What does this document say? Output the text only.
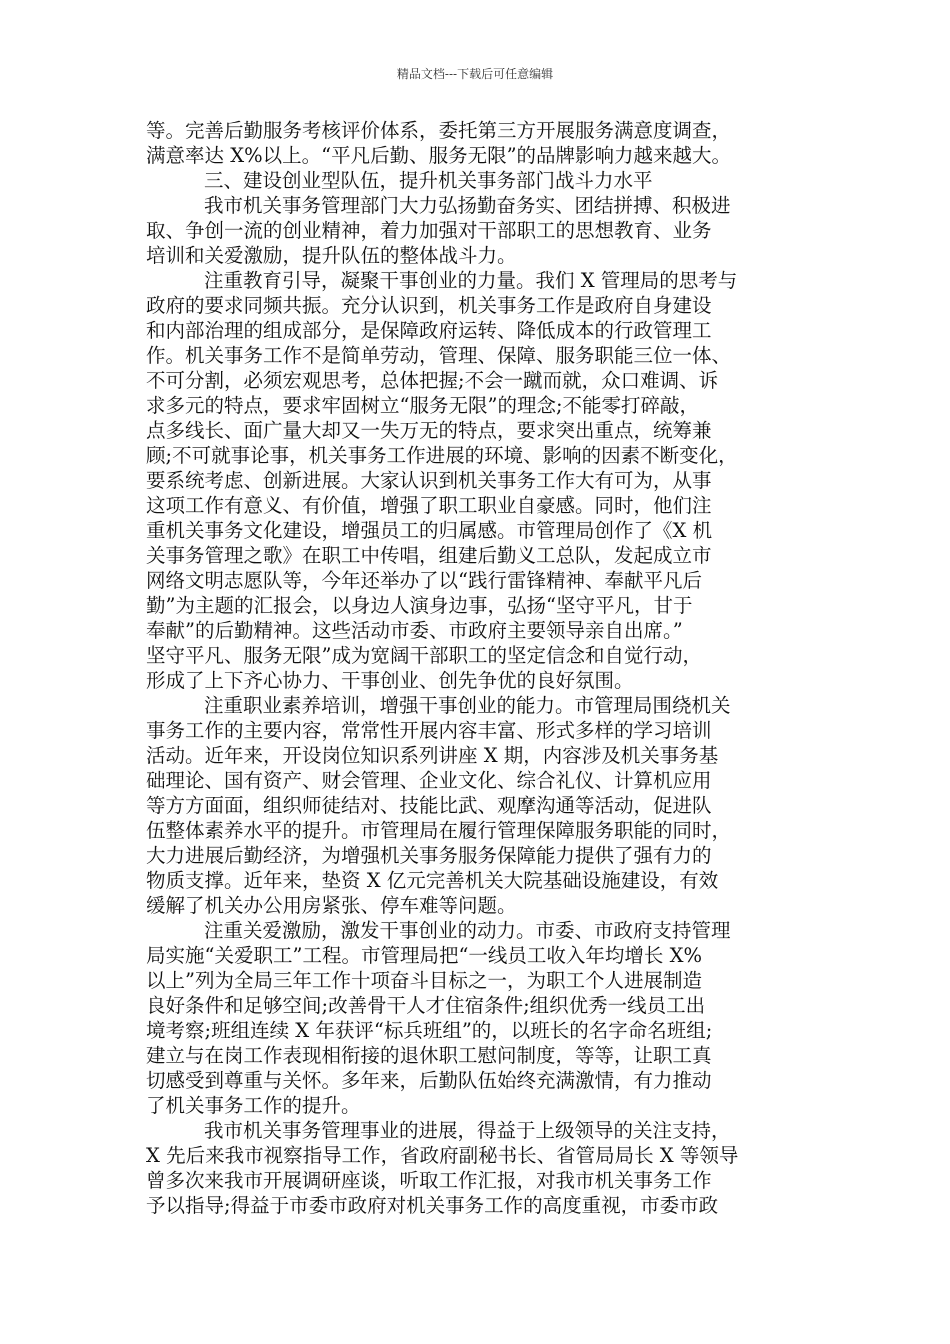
精品文档---下载后可任意编辑
等。完善后勤服务考核评价体系，委托第三方开展服务满意度调查，
满意率达 X%以上。“平凡后勤、服务无限”的品牌影响力越来越大。
三、建设创业型队伍，提升机关事务部门战斗力水平
我市机关事务管理部门大力弘扬勤奋务实、团结拼搏、积极进
取、争创一流的创业精神，着力加强对干部职工的思想教育、业务
培训和关爱激励，提升队伍的整体战斗力。
注重教育引导，凝聚干事创业的力量。我们 X 管理局的思考与
政府的要求同频共振。充分认识到，机关事务工作是政府自身建设
和内部治理的组成部分，是保障政府运转、降低成本的行政管理工
作。机关事务工作不是简单劳动，管理、保障、服务职能三位一体、
不可分割，必须宏观思考，总体把握;不会一蹴而就，众口难调、诉
求多元的特点，要求牢固树立“服务无限”的理念;不能零打碎敲，
点多线长、面广量大却又一失万无的特点，要求突出重点，统筹兼
顾;不可就事论事，机关事务工作进展的环境、影响的因素不断变化，
要系统考虑、创新进展。大家认识到机关事务工作大有可为，从事
这项工作有意义、有价值，增强了职工职业自豪感。同时，他们注
重机关事务文化建设，增强员工的归属感。市管理局创作了《X 机
关事务管理之歌》在职工中传唱，组建后勤义工总队，发起成立市
网络文明志愿队等，今年还举办了以“践行雷锋精神、奉献平凡后
勤”为主题的汇报会，以身边人演身边事，弘扬“坚守平凡，甘于
奉献”的后勤精神。这些活动市委、市政府主要领导亲自出席。”
坚守平凡、服务无限”成为宽阔干部职工的坚定信念和自觉行动，
形成了上下齐心协力、干事创业、创先争优的良好氛围。
注重职业素养培训，增强干事创业的能力。市管理局围绕机关
事务工作的主要内容，常常性开展内容丰富、形式多样的学习培训
活动。近年来，开设岗位知识系列讲座 X 期，内容涉及机关事务基
础理论、国有资产、财会管理、企业文化、综合礼仪、计算机应用
等方方面面，组织师徒结对、技能比武、观摩沟通等活动，促进队
伍整体素养水平的提升。市管理局在履行管理保障服务职能的同时，
大力进展后勤经济，为增强机关事务服务保障能力提供了强有力的
物质支撑。近年来，垫资 X 亿元完善机关大院基础设施建设，有效
缓解了机关办公用房紧张、停车难等问题。
注重关爱激励，激发干事创业的动力。市委、市政府支持管理
局实施“关爱职工”工程。市管理局把“一线员工收入年均增长 X%
以上”列为全局三年工作十项奋斗目标之一，为职工个人进展制造
良好条件和足够空间;改善骨干人才住宿条件;组织优秀一线员工出
境考察;班组连续 X 年获评“标兵班组”的，以班长的名字命名班组;
建立与在岗工作表现相衔接的退休职工慰问制度，等等，让职工真
切感受到尊重与关怀。多年来，后勤队伍始终充满激情，有力推动
了机关事务工作的提升。
我市机关事务管理事业的进展，得益于上级领导的关注支持，
X 先后来我市视察指导工作，省政府副秘书长、省管局局长 X 等领导
曾多次来我市开展调研座谈，听取工作汇报，对我市机关事务工作
予以指导;得益于市委市政府对机关事务工作的高度重视，市委市政
